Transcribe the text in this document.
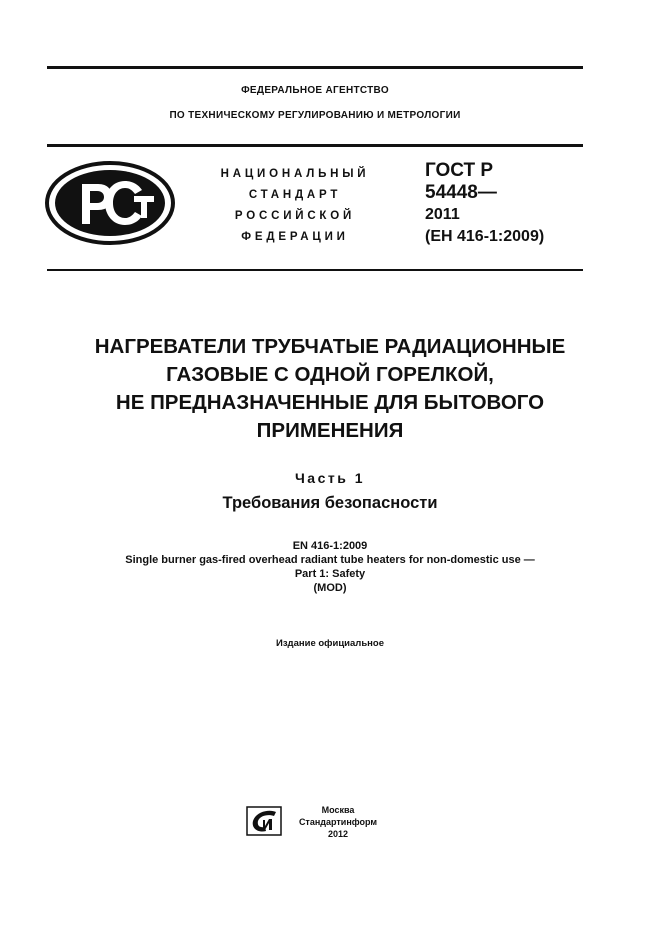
ФЕДЕРАЛЬНОЕ АГЕНТСТВО
ПО ТЕХНИЧЕСКОМУ РЕГУЛИРОВАНИЮ И МЕТРОЛОГИИ
НАЦИОНАЛЬНЫЙ
СТАНДАРТ
РОССИЙСКОЙ
ФЕДЕРАЦИИ
ГОСТ Р
54448—
2011
(ЕН 416-1:2009)
НАГРЕВАТЕЛИ ТРУБЧАТЫЕ РАДИАЦИОННЫЕ
ГАЗОВЫЕ С ОДНОЙ ГОРЕЛКОЙ,
НЕ ПРЕДНАЗНАЧЕННЫЕ ДЛЯ БЫТОВОГО
ПРИМЕНЕНИЯ
Часть 1
Требования безопасности
EN 416-1:2009
Single burner gas-fired overhead radiant tube heaters for non-domestic use —
Part 1: Safety
(MOD)
Издание официальное
Москва
Стандартинформ
2012
